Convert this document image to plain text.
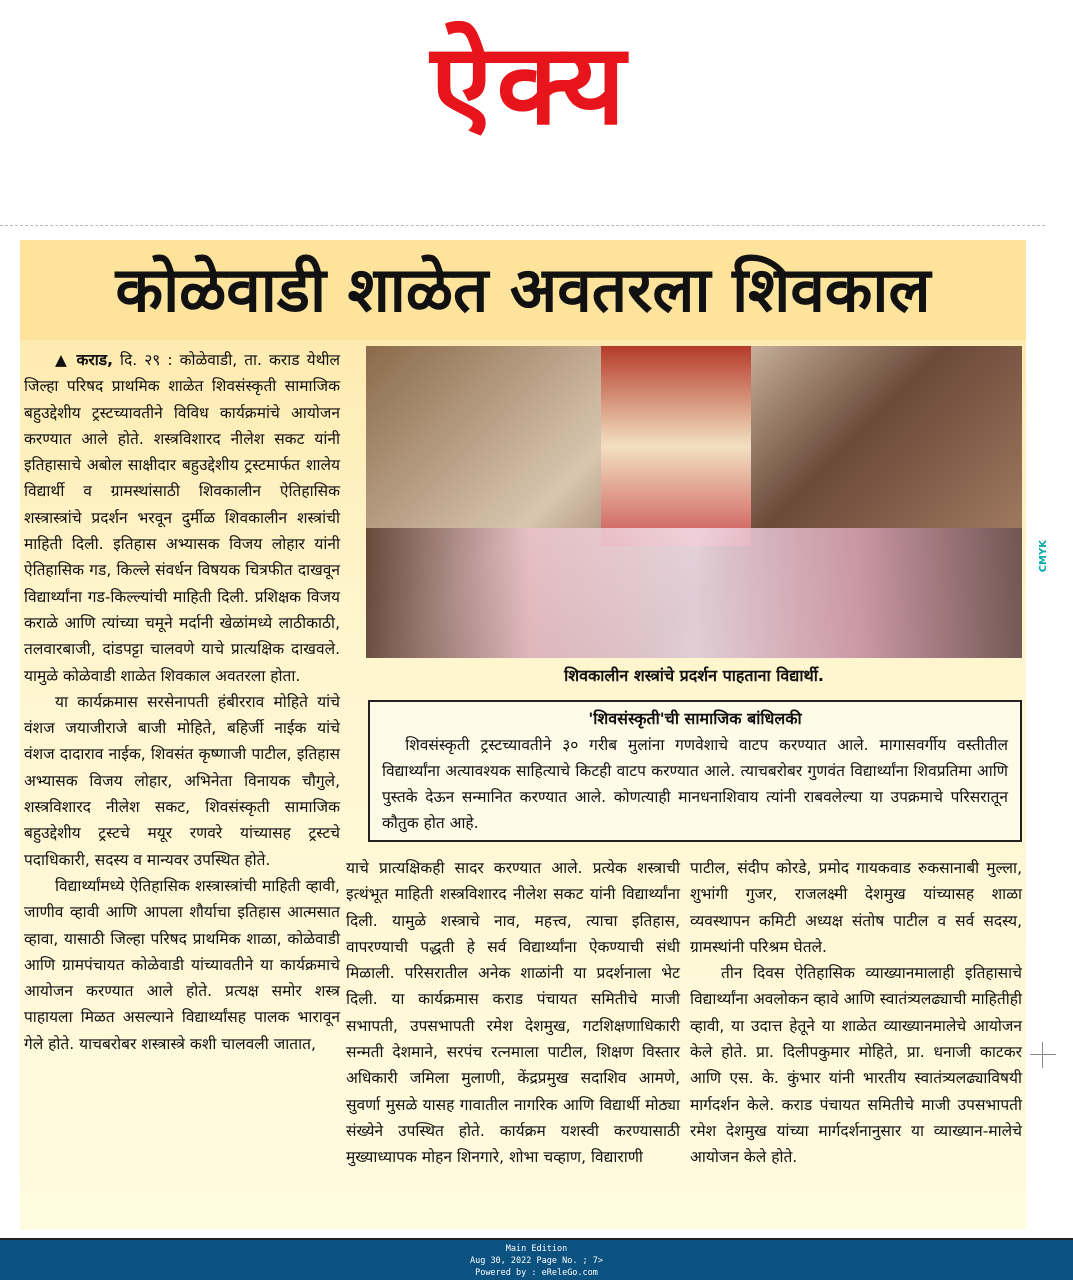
ऐक्य
कोळेवाडी शाळेत अवतरला शिवकाल

▲ कराड, दि. २९ : कोळेवाडी, ता. कराड येथील जिल्हा परिषद प्राथमिक शाळेत शिवसंस्कृती सामाजिक बहुउद्देशीय ट्रस्टच्यावतीने विविध कार्यक्रमांचे आयोजन करण्यात आले होते. शस्त्रविशारद नीलेश सकट यांनी इतिहासाचे अबोल साक्षीदार बहुउद्देशीय ट्रस्टमार्फत शालेय विद्यार्थी व ग्रामस्थांसाठी शिवकालीन ऐतिहासिक शस्त्रास्त्रांचे प्रदर्शन भरवून दुर्मीळ शिवकालीन शस्त्रांची माहिती दिली. इतिहास अभ्यासक विजय लोहार यांनी ऐतिहासिक गड, किल्ले संवर्धन विषयक चित्रफीत दाखवून विद्यार्थ्यांना गड-किल्ल्यांची माहिती दिली. प्रशिक्षक विजय कराळे आणि त्यांच्या चमूने मर्दानी खेळांमध्ये लाठीकाठी, तलवारबाजी, दांडपट्टा चालवणे याचे प्रात्यक्षिक दाखवले. यामुळे कोळेवाडी शाळेत शिवकाल अवतरला होता.

या कार्यक्रमास सरसेनापती हंबीरराव मोहिते यांचे वंशज जयाजीराजे बाजी मोहिते, बहिर्जी नाईक यांचे वंशज दादाराव नाईक, शिवसंत कृष्णाजी पाटील, इतिहास अभ्यासक विजय लोहार, अभिनेता विनायक चौगुले, शस्त्रविशारद नीलेश सकट, शिवसंस्कृती सामाजिक बहुउद्देशीय ट्रस्टचे मयूर रणवरे यांच्यासह ट्रस्टचे पदाधिकारी, सदस्य व मान्यवर उपस्थित होते.

विद्यार्थ्यांमध्ये ऐतिहासिक शस्त्रास्त्रांची माहिती व्हावी, जाणीव व्हावी आणि आपला शौर्याचा इतिहास आत्मसात व्हावा, यासाठी जिल्हा परिषद प्राथमिक शाळा, कोळेवाडी आणि ग्रामपंचायत कोळेवाडी यांच्यावतीने या कार्यक्रमाचे आयोजन करण्यात आले होते. प्रत्यक्ष समोर शस्त्र पाहायला मिळत असल्याने विद्यार्थ्यांसह पालक भारावून गेले होते. याचबरोबर शस्त्रास्त्रे कशी चालवली जातात,

शिवकालीन शस्त्रांचे प्रदर्शन पाहताना विद्यार्थी.
'शिवसंस्कृती'ची सामाजिक बांधिलकी

शिवसंस्कृती ट्रस्टच्यावतीने ३० गरीब मुलांना गणवेशाचे वाटप करण्यात आले. मागासवर्गीय वस्तीतील विद्यार्थ्यांना अत्यावश्यक साहित्याचे किटही वाटप करण्यात आले. त्याचबरोबर गुणवंत विद्यार्थ्यांना शिवप्रतिमा आणि पुस्तके देऊन सन्मानित करण्यात आले. कोणत्याही मानधनाशिवाय त्यांनी राबवलेल्या या उपक्रमाचे परिसरातून कौतुक होत आहे.

याचे प्रात्यक्षिकही सादर करण्यात आले. प्रत्येक शस्त्राची इत्थंभूत माहिती शस्त्रविशारद नीलेश सकट यांनी विद्यार्थ्यांना दिली. यामुळे शस्त्राचे नाव, महत्त्व, त्याचा इतिहास, वापरण्याची पद्धती हे सर्व विद्यार्थ्यांना ऐकण्याची संधी मिळाली. परिसरातील अनेक शाळांनी या प्रदर्शनाला भेट दिली. या कार्यक्रमास कराड पंचायत समितीचे माजी सभापती, उपसभापती रमेश देशमुख, गटशिक्षणाधिकारी सन्मती देशमाने, सरपंच रत्नमाला पाटील, शिक्षण विस्तार अधिकारी जमिला मुलाणी, केंद्रप्रमुख सदाशिव आमणे, सुवर्णा मुसळे यासह गावातील नागरिक आणि विद्यार्थी मोठ्या संख्येने उपस्थित होते. कार्यक्रम यशस्वी करण्यासाठी मुख्याध्यापक मोहन शिनगारे, शोभा चव्हाण, विद्याराणी

पाटील, संदीप कोरडे, प्रमोद गायकवाड रुकसानाबी मुल्ला, शुभांगी गुजर, राजलक्ष्मी देशमुख यांच्यासह शाळा व्यवस्थापन कमिटी अध्यक्ष संतोष पाटील व सर्व सदस्य, ग्रामस्थांनी परिश्रम घेतले.

तीन दिवस ऐतिहासिक व्याख्यानमालाही इतिहासाचे विद्यार्थ्यांना अवलोकन व्हावे आणि स्वातंत्र्यलढ्याची माहितीही व्हावी, या उदात्त हेतूने या शाळेत व्याख्यानमालेचे आयोजन केले होते. प्रा. दिलीपकुमार मोहिते, प्रा. धनाजी काटकर आणि एस. के. कुंभार यांनी भारतीय स्वातंत्र्यलढ्याविषयी मार्गदर्शन केले. कराड पंचायत समितीचे माजी उपसभापती रमेश देशमुख यांच्या मार्गदर्शनानुसार या व्याख्यान-मालेचे आयोजन केले होते.

CMYK
Main Edition
Aug 30, 2022 Page No. ; 7>
Powered by : eReleGo.com
